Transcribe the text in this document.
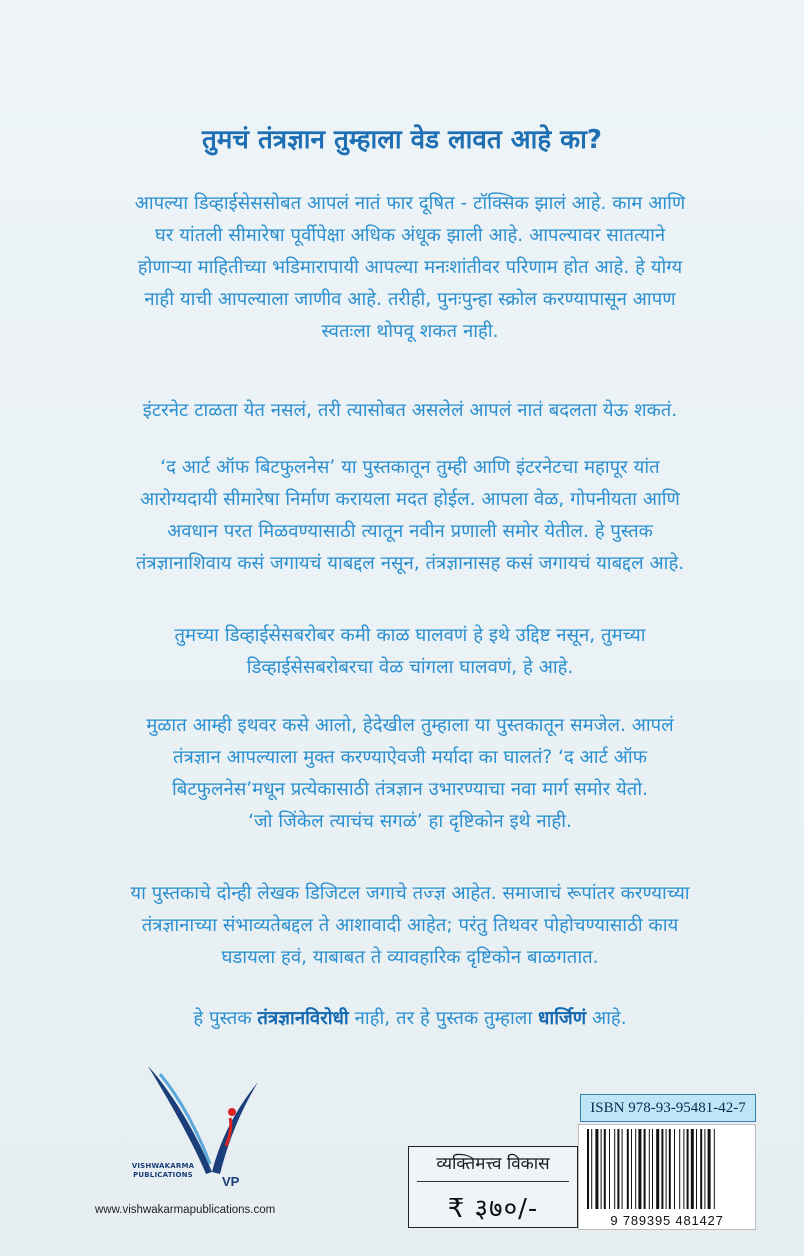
तुमचं तंत्रज्ञान तुम्हाला वेड लावत आहे का?
आपल्या डिव्हाईसेससोबत आपलं नातं फार दूषित - टॉक्सिक झालं आहे. काम आणि
घर यांतली सीमारेषा पूर्वीपेक्षा अधिक अंधूक झाली आहे. आपल्यावर सातत्याने
होणाऱ्या माहितीच्या भडिमारापायी आपल्या मनःशांतीवर परिणाम होत आहे. हे योग्य
नाही याची आपल्याला जाणीव आहे. तरीही, पुनःपुन्हा स्क्रोल करण्यापासून आपण
स्वतःला थोपवू शकत नाही.
इंटरनेट टाळता येत नसलं, तरी त्यासोबत असलेलं आपलं नातं बदलता येऊ शकतं.
‘द आर्ट ऑफ बिटफुलनेस’ या पुस्तकातून तुम्ही आणि इंटरनेटचा महापूर यांत
आरोग्यदायी सीमारेषा निर्माण करायला मदत होईल. आपला वेळ, गोपनीयता आणि
अवधान परत मिळवण्यासाठी त्यातून नवीन प्रणाली समोर येतील. हे पुस्तक
तंत्रज्ञानाशिवाय कसं जगायचं याबद्दल नसून, तंत्रज्ञानासह कसं जगायचं याबद्दल आहे.
तुमच्या डिव्हाईसेसबरोबर कमी काळ घालवणं हे इथे उद्दिष्ट नसून, तुमच्या
डिव्हाईसेसबरोबरचा वेळ चांगला घालवणं, हे आहे.
मुळात आम्ही इथवर कसे आलो, हेदेखील तुम्हाला या पुस्तकातून समजेल. आपलं
तंत्रज्ञान आपल्याला मुक्त करण्याऐवजी मर्यादा का घालतं? ‘द आर्ट ऑफ
बिटफुलनेस’मधून प्रत्येकासाठी तंत्रज्ञान उभारण्याचा नवा मार्ग समोर येतो.
‘जो जिंकेल त्याचंच सगळं’ हा दृष्टिकोन इथे नाही.
या पुस्तकाचे दोन्ही लेखक डिजिटल जगाचे तज्ज्ञ आहेत. समाजाचं रूपांतर करण्याच्या
तंत्रज्ञानाच्या संभाव्यतेबद्दल ते आशावादी आहेत; परंतु तिथवर पोहोचण्यासाठी काय
घडायला हवं, याबाबत ते व्यावहारिक दृष्टिकोन बाळगतात.
हे पुस्तक तंत्रज्ञानविरोधी नाही, तर हे पुस्तक तुम्हाला धार्जिणं आहे.
VP
VISHWAKARMA
PUBLICATIONS
www.vishwakarmapublications.com
ISBN 978-93-95481-42-7
व्यक्तिमत्त्व विकास
₹ ३७०/-	9 789395 481427
